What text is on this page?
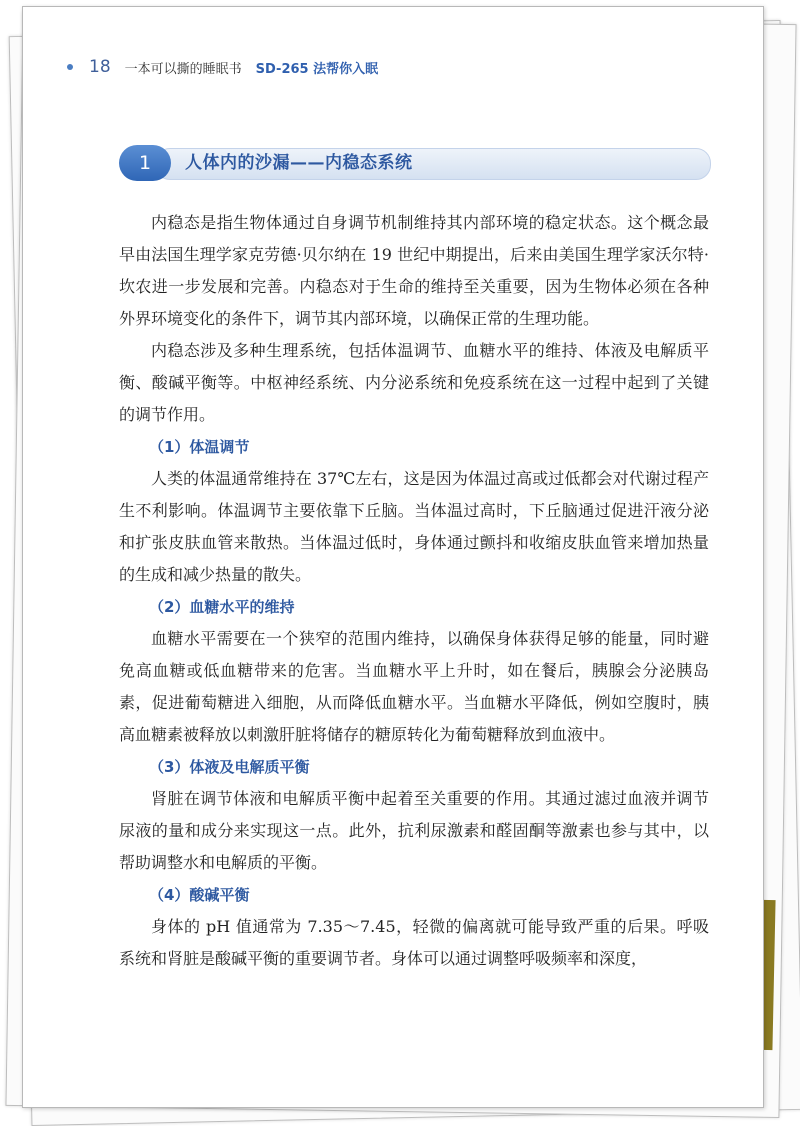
18 一本可以撕的睡眠书 SD-265 法帮你入眠
1	人体内的沙漏——内稳态系统

内稳态是指生物体通过自身调节机制维持其内部环境的稳定状态。这个概念最早由法国生理学家克劳德·贝尔纳在 19 世纪中期提出，后来由美国生理学家沃尔特·坎农进一步发展和完善。内稳态对于生命的维持至关重要，因为生物体必须在各种外界环境变化的条件下，调节其内部环境，以确保正常的生理功能。

内稳态涉及多种生理系统，包括体温调节、血糖水平的维持、体液及电解质平衡、酸碱平衡等。中枢神经系统、内分泌系统和免疫系统在这一过程中起到了关键的调节作用。

（1）体温调节

人类的体温通常维持在 37℃左右，这是因为体温过高或过低都会对代谢过程产生不利影响。体温调节主要依靠下丘脑。当体温过高时，下丘脑通过促进汗液分泌和扩张皮肤血管来散热。当体温过低时，身体通过颤抖和收缩皮肤血管来增加热量的生成和减少热量的散失。

（2）血糖水平的维持

血糖水平需要在一个狭窄的范围内维持，以确保身体获得足够的能量，同时避免高血糖或低血糖带来的危害。当血糖水平上升时，如在餐后，胰腺会分泌胰岛素，促进葡萄糖进入细胞，从而降低血糖水平。当血糖水平降低，例如空腹时，胰高血糖素被释放以刺激肝脏将储存的糖原转化为葡萄糖释放到血液中。

（3）体液及电解质平衡

肾脏在调节体液和电解质平衡中起着至关重要的作用。其通过滤过血液并调节尿液的量和成分来实现这一点。此外，抗利尿激素和醛固酮等激素也参与其中，以帮助调整水和电解质的平衡。

（4）酸碱平衡

身体的 pH 值通常为 7.35～7.45，轻微的偏离就可能导致严重的后果。呼吸系统和肾脏是酸碱平衡的重要调节者。身体可以通过调整呼吸频率和深度，
